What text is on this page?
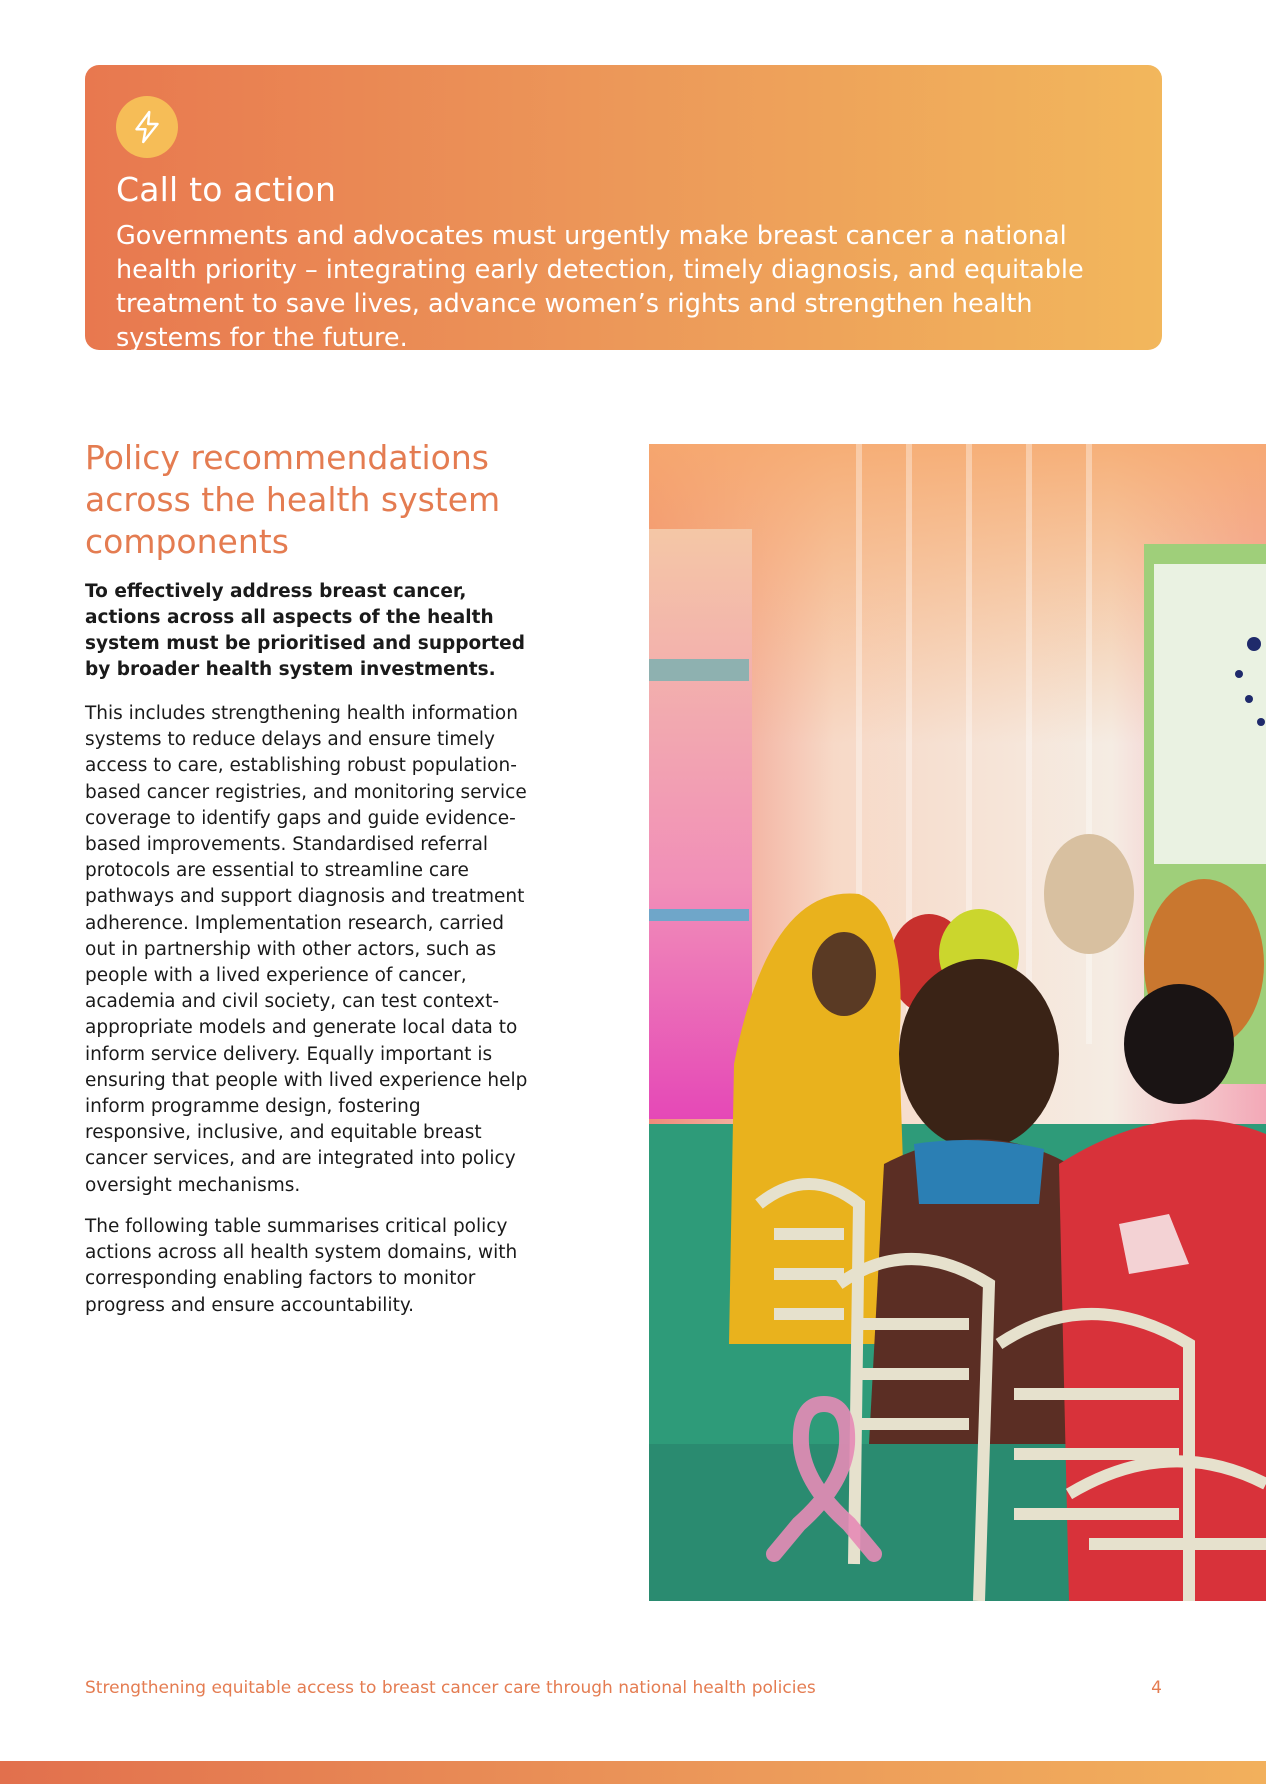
Call to action

Governments and advocates must urgently make breast cancer a national health priority – integrating early detection, timely diagnosis, and equitable treatment to save lives, advance women’s rights and strengthen health systems for the future.

Policy recommendations across the health system components

To effectively address breast cancer, actions across all aspects of the health system must be prioritised and supported by broader health system investments.

This includes strengthening health information systems to reduce delays and ensure timely access to care, establishing robust population-based cancer registries, and monitoring service coverage to identify gaps and guide evidence-based improvements. Standardised referral protocols are essential to streamline care pathways and support diagnosis and treatment adherence. Implementation research, carried out in partnership with other actors, such as people with a lived experience of cancer, academia and civil society, can test context-appropriate models and generate local data to inform service delivery. Equally important is ensuring that people with lived experience help inform programme design, fostering responsive, inclusive, and equitable breast cancer services, and are integrated into policy oversight mechanisms.

The following table summarises critical policy actions across all health system domains, with corresponding enabling factors to monitor progress and ensure accountability.

Strengthening equitable access to breast cancer care through national health policies	4
